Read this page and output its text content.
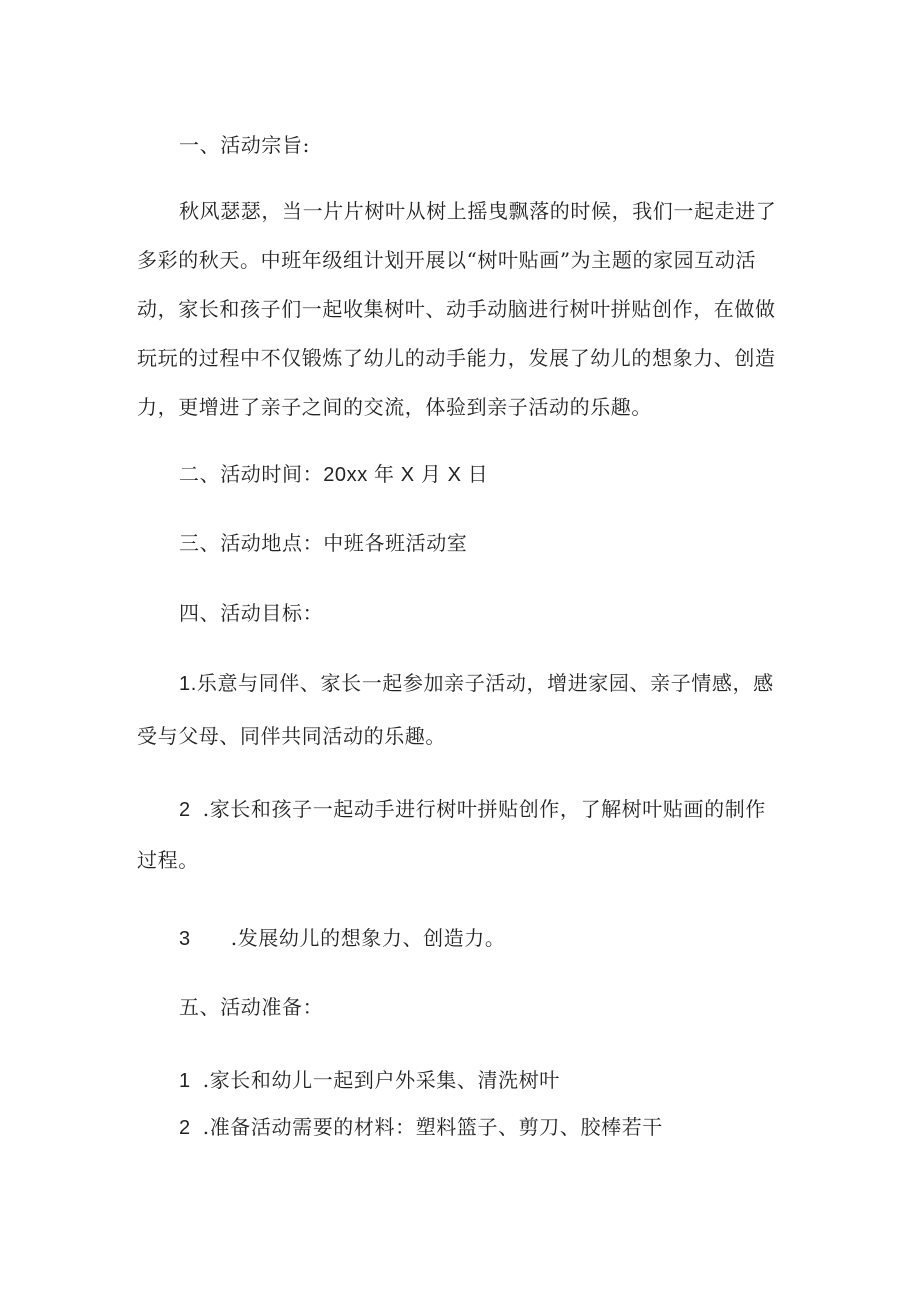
一、活动宗旨:
秋风瑟瑟，当一片片树叶从树上摇曳飘落的时候，我们一起走进了
多彩的秋天。中班年级组计划开展以“树叶贴画”为主题的家园互动活
动，家长和孩子们一起收集树叶、动手动脑进行树叶拼贴创作，在做做
玩玩的过程中不仅锻炼了幼儿的动手能力，发展了幼儿的想象力、创造
力，更增进了亲子之间的交流，体验到亲子活动的乐趣。
二、活动时间：20xx 年 X 月 X 日
三、活动地点：中班各班活动室
四、活动目标：
1.乐意与同伴、家长一起参加亲子活动，增进家园、亲子情感，感
受与父母、同伴共同活动的乐趣。
2 .家长和孩子一起动手进行树叶拼贴创作，了解树叶贴画的制作
过程。
3 .发展幼儿的想象力、创造力。
五、活动准备：
1 .家长和幼儿一起到户外采集、清洗树叶
2 .准备活动需要的材料：塑料篮子、剪刀、胶棒若干
